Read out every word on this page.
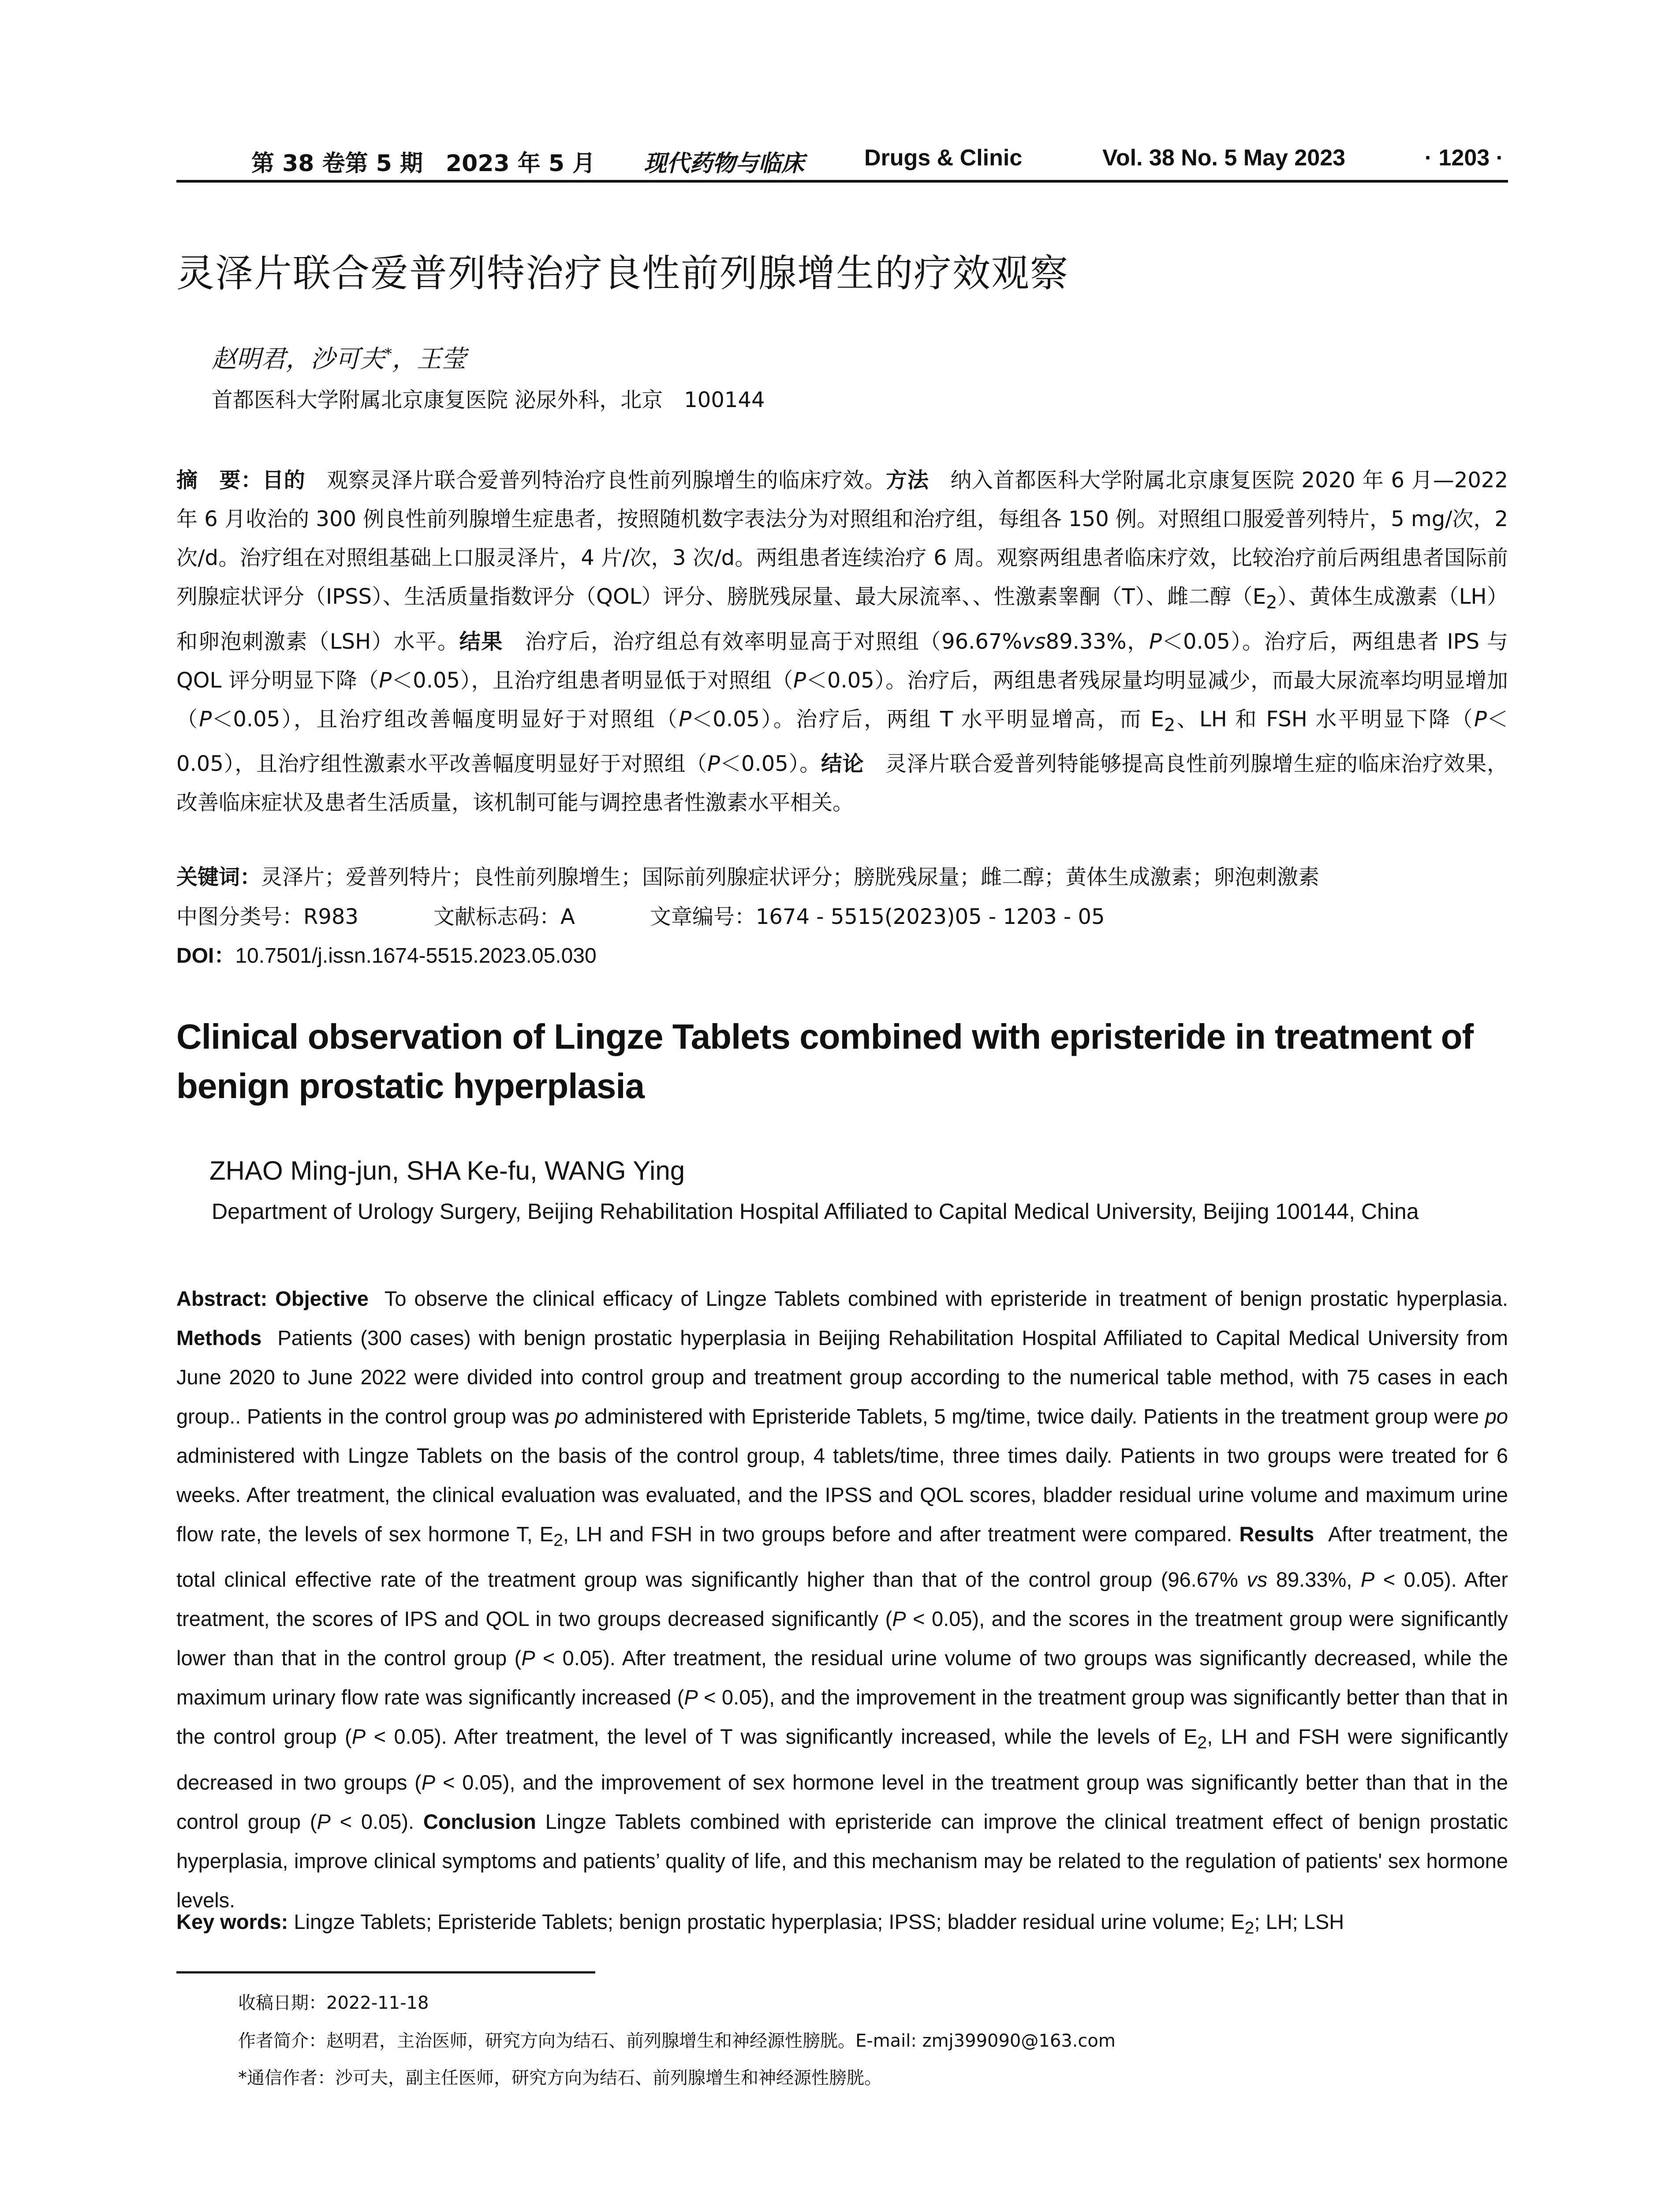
第 38 卷第 5 期　2023 年 5 月 现代药物与临床	Drugs & Clinic	Vol. 38 No. 5 May 2023	· 1203 ·
灵泽片联合爱普列特治疗良性前列腺增生的疗效观察
赵明君，沙可夫*，王莹
首都医科大学附属北京康复医院 泌尿外科，北京　100144

摘　要：目的　观察灵泽片联合爱普列特治疗良性前列腺增生的临床疗效。方法　纳入首都医科大学附属北京康复医院 2020 年 6 月—2022 年 6 月收治的 300 例良性前列腺增生症患者，按照随机数字表法分为对照组和治疗组，每组各 150 例。对照组口服爱普列特片，5 mg/次，2 次/d。治疗组在对照组基础上口服灵泽片，4 片/次，3 次/d。两组患者连续治疗 6 周。观察两组患者临床疗效，比较治疗前后两组患者国际前列腺症状评分（IPSS）、生活质量指数评分（QOL）评分、膀胱残尿量、最大尿流率、、性激素睾酮（T）、雌二醇$(E_2)$、黄体生成激素（LH）和卵泡刺激素（LSH）水平。结果　治疗后，治疗组总有效率明显高于对照组（96.67%vs89.33%，P＜0.05）。治疗后，两组患者 IPS 与 QOL 评分明显下降（P＜0.05），且治疗组患者明显低于对照组（P＜0.05）。治疗后，两组患者残尿量均明显减少，而最大尿流率均明显增加（P＜0.05），且治疗组改善幅度明显好于对照组（P＜0.05）。治疗后，两组 T 水平明显增高，而 $E_2$、LH 和 FSH 水平明显下降（P＜0.05），且治疗组性激素水平改善幅度明显好于对照组（P＜0.05）。结论　灵泽片联合爱普列特能够提高良性前列腺增生症的临床治疗效果，改善临床症状及患者生活质量，该机制可能与调控患者性激素水平相关。

关键词：灵泽片；爱普列特片；良性前列腺增生；国际前列腺症状评分；膀胱残尿量；雌二醇；黄体生成激素；卵泡刺激素
中图分类号：R983	文献标志码：A	文章编号：1674 - 5515(2023)05 - 1203 - 05
DOI：10.7501/j.issn.1674-5515.2023.05.030
Clinical observation of Lingze Tablets combined with epristeride in treatment of benign prostatic hyperplasia
ZHAO Ming-jun, SHA Ke-fu, WANG Ying
Department of Urology Surgery, Beijing Rehabilitation Hospital Affiliated to Capital Medical University, Beijing 100144, China

Abstract: Objective To observe the clinical efficacy of Lingze Tablets combined with epristeride in treatment of benign prostatic hyperplasia. Methods Patients (300 cases) with benign prostatic hyperplasia in Beijing Rehabilitation Hospital Affiliated to Capital Medical University from June 2020 to June 2022 were divided into control group and treatment group according to the numerical table method, with 75 cases in each group.. Patients in the control group was po administered with Epristeride Tablets, 5 mg/time, twice daily. Patients in the treatment group were po administered with Lingze Tablets on the basis of the control group, 4 tablets/time, three times daily. Patients in two groups were treated for 6 weeks. After treatment, the clinical evaluation was evaluated, and the IPSS and QOL scores, bladder residual urine volume and maximum urine flow rate, the levels of sex hormone T, $E_2$, LH and FSH in two groups before and after treatment were compared. Results After treatment, the total clinical effective rate of the treatment group was significantly higher than that of the control group (96.67% vs 89.33%, P < 0.05). After treatment, the scores of IPS and QOL in two groups decreased significantly (P < 0.05), and the scores in the treatment group were significantly lower than that in the control group (P < 0.05). After treatment, the residual urine volume of two groups was significantly decreased, while the maximum urinary flow rate was significantly increased (P < 0.05), and the improvement in the treatment group was significantly better than that in the control group (P < 0.05). After treatment, the level of T was significantly increased, while the levels of $E_2$, LH and FSH were significantly decreased in two groups (P < 0.05), and the improvement of sex hormone level in the treatment group was significantly better than that in the control group (P < 0.05). Conclusion Lingze Tablets combined with epristeride can improve the clinical treatment effect of benign prostatic hyperplasia, improve clinical symptoms and patients’ quality of life, and this mechanism may be related to the regulation of patients' sex hormone levels.

Key words: Lingze Tablets; Epristeride Tablets; benign prostatic hyperplasia; IPSS; bladder residual urine volume; $E_2$; LH; LSH
收稿日期：2022-11-18
作者简介：赵明君，主治医师，研究方向为结石、前列腺增生和神经源性膀胱。E-mail: zmj399090@163.com
*通信作者：沙可夫，副主任医师，研究方向为结石、前列腺增生和神经源性膀胱。
